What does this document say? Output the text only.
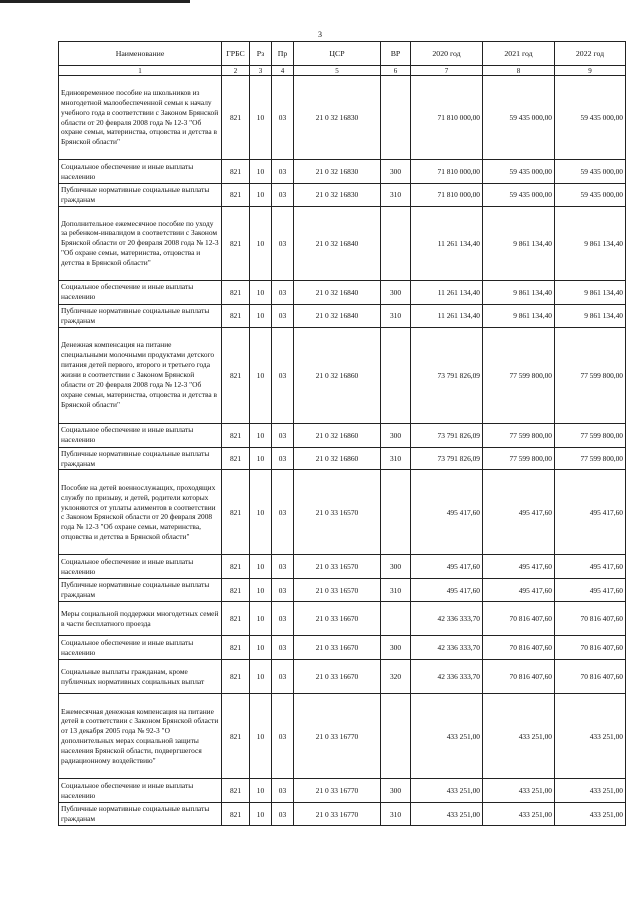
3
Наименование	ГРБС	Рз	Пр	ЦСР	ВР	2020 год	2021 год	2022 год
1	2	3	4	5	6	7	8	9
Единовременное пособие на школьников из многодетной малообеспеченной семьи к началу учебного года в соответствии с Законом Брянской области от 20 февраля 2008 года № 12-3 "Об охране семьи, материнства, отцовства и детства в Брянской области"	821	10	03	21 0 32 16830		71 810 000,00	59 435 000,00	59 435 000,00
Социальное обеспечение и иные выплаты населению	821	10	03	21 0 32 16830	300	71 810 000,00	59 435 000,00	59 435 000,00
Публичные нормативные социальные выплаты гражданам	821	10	03	21 0 32 16830	310	71 810 000,00	59 435 000,00	59 435 000,00
Дополнительное ежемесячное пособие по уходу за ребенком-инвалидом в соответствии с Законом Брянской области от 20 февраля 2008 года № 12-3 "Об охране семьи, материнства, отцовства и детства в Брянской области"	821	10	03	21 0 32 16840		11 261 134,40	9 861 134,40	9 861 134,40
Социальное обеспечение и иные выплаты населению	821	10	03	21 0 32 16840	300	11 261 134,40	9 861 134,40	9 861 134,40
Публичные нормативные социальные выплаты гражданам	821	10	03	21 0 32 16840	310	11 261 134,40	9 861 134,40	9 861 134,40
Денежная компенсация на питание специальными молочными продуктами детского питания детей первого, второго и третьего года жизни в соответствии с Законом Брянской области от 20 февраля 2008 года № 12-3 "Об охране семьи, материнства, отцовства и детства в Брянской области"	821	10	03	21 0 32 16860		73 791 826,09	77 599 800,00	77 599 800,00
Социальное обеспечение и иные выплаты населению	821	10	03	21 0 32 16860	300	73 791 826,09	77 599 800,00	77 599 800,00
Публичные нормативные социальные выплаты гражданам	821	10	03	21 0 32 16860	310	73 791 826,09	77 599 800,00	77 599 800,00
Пособие на детей военнослужащих, проходящих службу по призыву, и детей, родители которых уклоняются от уплаты алиментов в соответствии с Законом Брянской области от 20 февраля 2008 года № 12-3 "Об охране семьи, материнства, отцовства и детства в Брянской области"	821	10	03	21 0 33 16570		495 417,60	495 417,60	495 417,60
Социальное обеспечение и иные выплаты населению	821	10	03	21 0 33 16570	300	495 417,60	495 417,60	495 417,60
Публичные нормативные социальные выплаты гражданам	821	10	03	21 0 33 16570	310	495 417,60	495 417,60	495 417,60
Меры социальной поддержки многодетных семей в части бесплатного проезда	821	10	03	21 0 33 16670		42 336 333,70	70 816 407,60	70 816 407,60
Социальное обеспечение и иные выплаты населению	821	10	03	21 0 33 16670	300	42 336 333,70	70 816 407,60	70 816 407,60
Социальные выплаты гражданам, кроме публичных нормативных социальных выплат	821	10	03	21 0 33 16670	320	42 336 333,70	70 816 407,60	70 816 407,60
Ежемесячная денежная компенсация на питание детей в соответствии с Законом Брянской области от 13 декабря 2005 года № 92-3 "О дополнительных мерах социальной защиты населения Брянской области, подвергшегося радиационному воздействию"	821	10	03	21 0 33 16770		433 251,00	433 251,00	433 251,00
Социальное обеспечение и иные выплаты населению	821	10	03	21 0 33 16770	300	433 251,00	433 251,00	433 251,00
Публичные нормативные социальные выплаты гражданам	821	10	03	21 0 33 16770	310	433 251,00	433 251,00	433 251,00
